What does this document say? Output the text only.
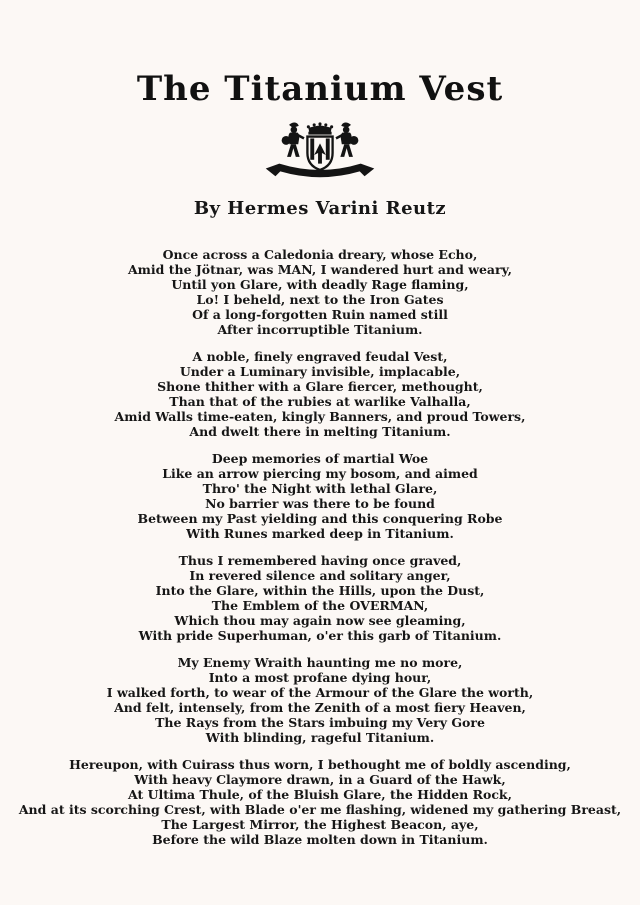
The Titanium Vest
By Hermes Varini Reutz
Once across a Caledonia dreary, whose Echo,
Amid the Jötnar, was MAN, I wandered hurt and weary,
Until yon Glare, with deadly Rage flaming,
Lo! I beheld, next to the Iron Gates
Of a long-forgotten Ruin named still
After incorruptible Titanium.
A noble, finely engraved feudal Vest,
Under a Luminary invisible, implacable,
Shone thither with a Glare fiercer, methought,
Than that of the rubies at warlike Valhalla,
Amid Walls time-eaten, kingly Banners, and proud Towers,
And dwelt there in melting Titanium.
Deep memories of martial Woe
Like an arrow piercing my bosom, and aimed
Thro' the Night with lethal Glare,
No barrier was there to be found
Between my Past yielding and this conquering Robe
With Runes marked deep in Titanium.
Thus I remembered having once graved,
In revered silence and solitary anger,
Into the Glare, within the Hills, upon the Dust,
The Emblem of the OVERMAN,
Which thou may again now see gleaming,
With pride Superhuman, o'er this garb of Titanium.
My Enemy Wraith haunting me no more,
Into a most profane dying hour,
I walked forth, to wear of the Armour of the Glare the worth,
And felt, intensely, from the Zenith of a most fiery Heaven,
The Rays from the Stars imbuing my Very Gore
With blinding, rageful Titanium.
Hereupon, with Cuirass thus worn, I bethought me of boldly ascending,
With heavy Claymore drawn, in a Guard of the Hawk,
At Ultima Thule, of the Bluish Glare, the Hidden Rock,
And at its scorching Crest, with Blade o'er me flashing, widened my gathering Breast,
The Largest Mirror, the Highest Beacon, aye,
Before the wild Blaze molten down in Titanium.
